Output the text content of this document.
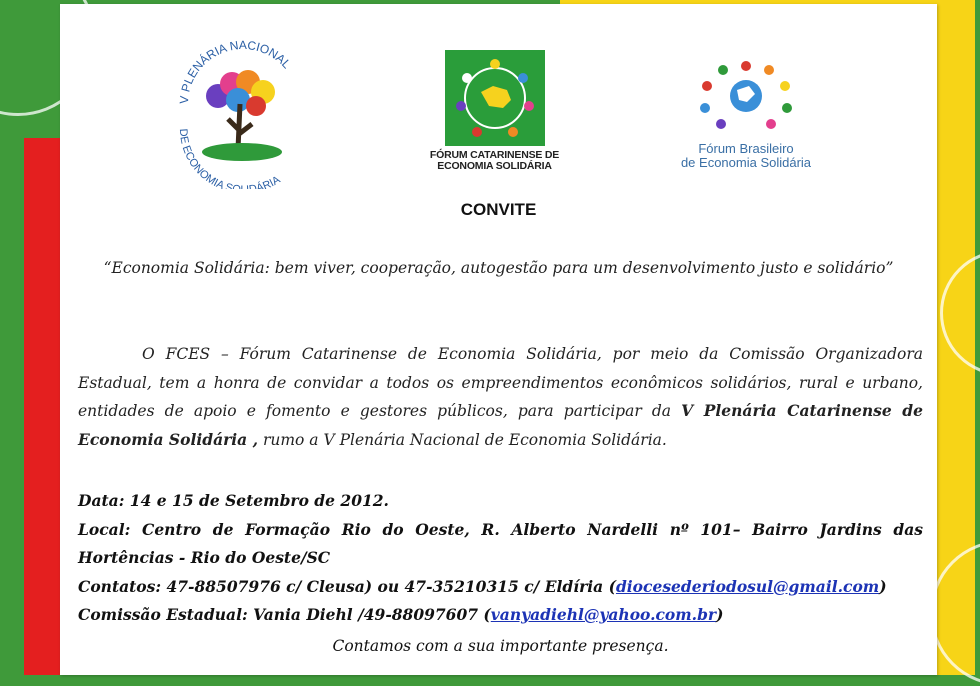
V PLENÁRIA NACIONAL
DE ECONOMIA S ÁRIA
FÓRUM CATARINENSE DE
ECONOMIA SOLIDÁRIA
Fórum Brasileiro
de Economia Solidária
CONVITE
“Economia Solidária: bem viver, cooperação, autogestão para um desenvolvimento justo e solidário”
O FCES – Fórum Catarinense de Economia Solidária, por meio da Comissão Organizadora Estadual, tem a honra de convidar a todos os empreendimentos econômicos solidários, rural e urbano, entidades de apoio e fomento e gestores públicos, para participar da V Plenária Catarinense de Economia Solidária , rumo a V Plenária Nacional de Economia Solidária.

Data: 14 e 15 de Setembro de 2012.

Local: Centro de Formação Rio do Oeste, R. Alberto Nardelli nº 101– Bairro Jardins das Hortências - Rio do Oeste/SC

Contatos: 47-88507976 c/ Cleusa) ou 47-35210315 c/ Eldíria (diocesederiodosul@gmail.com)

Comissão Estadual: Vania Diehl /49-88097607 (vanyadiehl@yahoo.com.br)

Contamos com a sua importante presença.
